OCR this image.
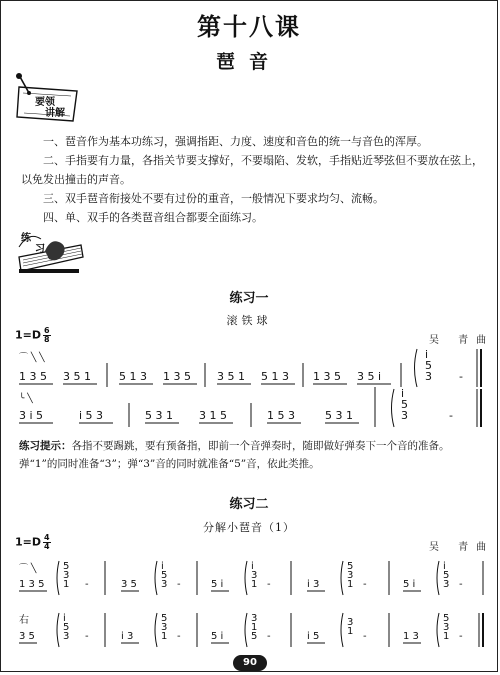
第十八课
琶音
要领
讲解
一、琶音作为基本功练习，强调指距、力度、速度和音色的统一与音色的浑厚。
二、手指要有力量，各指关节要支撑好，不要塌陷、发软，手指贴近琴弦但不要放在弦上，以免发出撞击的声音。
三、双手琶音衔接处不要有过份的重音，一般情况下要求均匀、流畅。
四、单、双手的各类琶音组合都要全面练习。
练
习
练习一
滚铁球
$1=D \frac{6}{8}$	吴 青曲
⌒ ╲ ╲
1 3 5 3 5 1	5 1 3 1 3 5 3 5 1 5 1 3 1 3 5 3 5 i
i
5
3 -
╰ ╲
3 i 5	i 5 3	5 3 1 3 1 5	1 5 3	5 3 1
i
5
3	-

练习提示：各指不要踢跳，要有预备指，即前一个音弹奏时，随即做好弹奏下一个音的准备。弹“1”的同时准备“3”；弹“3”音的同时就准备“5”音，依此类推。

练习二
分解小琶音（1）
$1=D \frac{4}{4}$	吴 青曲
⌒ ╲
1 3 5
5
3
1 -	3 5
i
5
3 -	5 i
i
3
1 -	i 3
5
3
1 -	5 i
i
5
3 -
右
3 5
i
5
3 -	i 3
5
3
1 -	5 i
3
1
5 -	i 5
3
1 -	1 3
5
3
1 -
90
